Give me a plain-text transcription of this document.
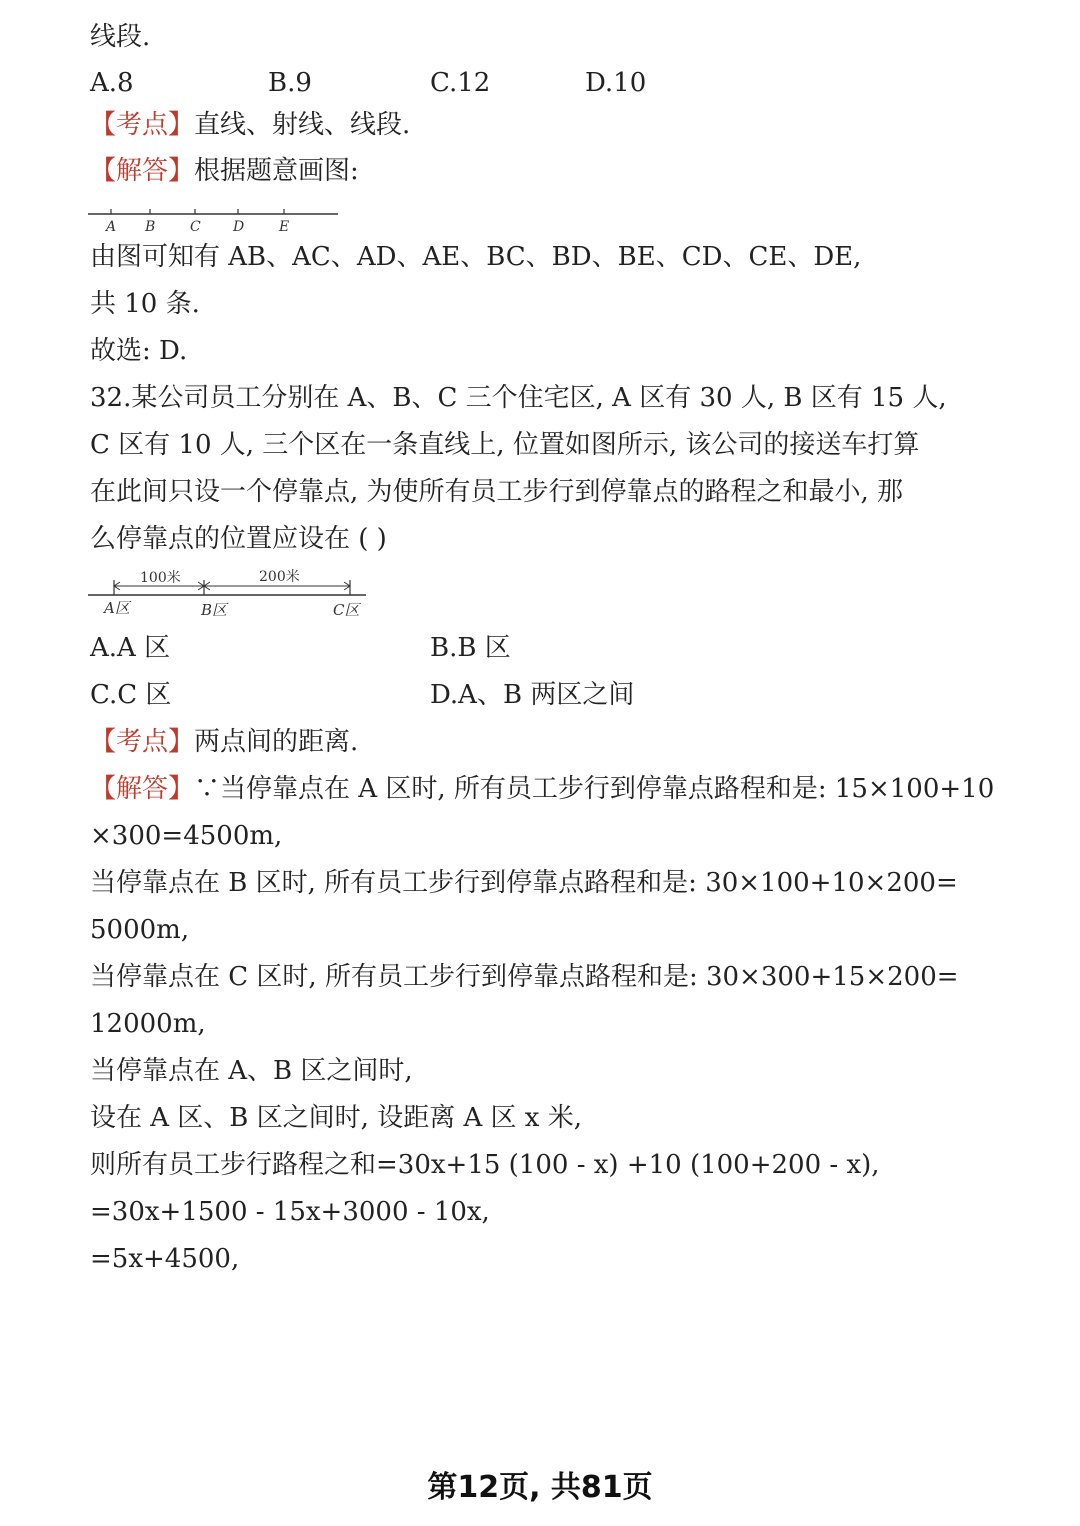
线段.
A.8	B.9	C.12	D.10
【考点】直线、射线、线段.
【解答】根据题意画图:
A B C D E
由图可知有 AB、AC、AD、AE、BC、BD、BE、CD、CE、DE,
共 10 条.
故选: D.
32.某公司员工分别在 A、B、C 三个住宅区, A 区有 30 人, B 区有 15 人,
C 区有 10 人, 三个区在一条直线上, 位置如图所示, 该公司的接送车打算
在此间只设一个停靠点, 为使所有员工步行到停靠点的路程之和最小, 那
么停靠点的位置应设在 ( )
100米	200米
A区	B区	C区
A.A 区	B.B 区
C.C 区	D.A、B 两区之间
【考点】两点间的距离.
【解答】∵当停靠点在 A 区时, 所有员工步行到停靠点路程和是: 15×100+10
×300=4500m,
当停靠点在 B 区时, 所有员工步行到停靠点路程和是: 30×100+10×200=
5000m,
当停靠点在 C 区时, 所有员工步行到停靠点路程和是: 30×300+15×200=
12000m,
当停靠点在 A、B 区之间时,
设在 A 区、B 区之间时, 设距离 A 区 x 米,
则所有员工步行路程之和=30x+15 (100 - x) +10 (100+200 - x),
=30x+1500 - 15x+3000 - 10x,
=5x+4500,
第12页, 共81页
